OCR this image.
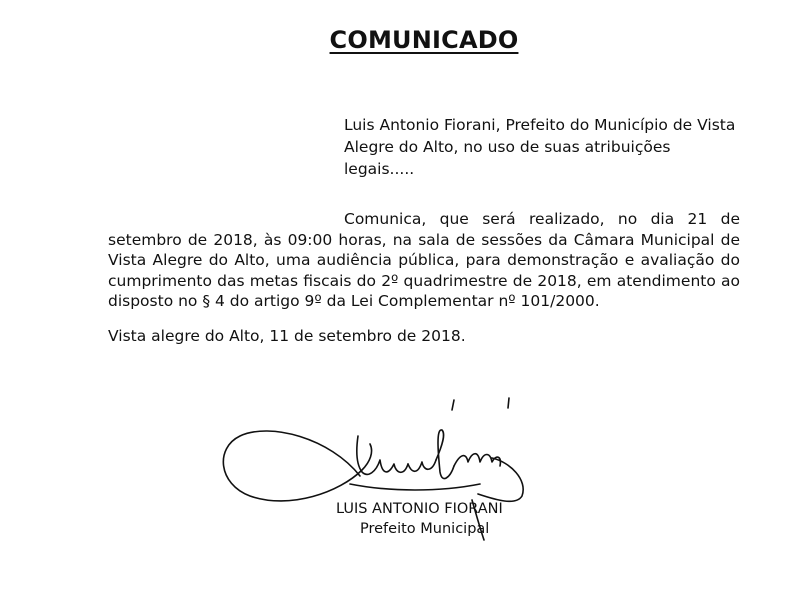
COMUNICADO
Luis Antonio Fiorani, Prefeito do Município de Vista Alegre do Alto, no uso de suas atribuições legais.....
Comunica, que será realizado, no dia 21 de setembro de 2018, às 09:00 horas, na sala de sessões da Câmara Municipal de Vista Alegre do Alto, uma audiência pública, para demonstração e avaliação do cumprimento das metas fiscais do 2º quadrimestre de 2018, em atendimento ao disposto no § 4 do artigo 9º da Lei Complementar nº 101/2000.
Vista alegre do Alto, 11 de setembro de 2018.
LUIS ANTONIO FIORANI
Prefeito Municipal
